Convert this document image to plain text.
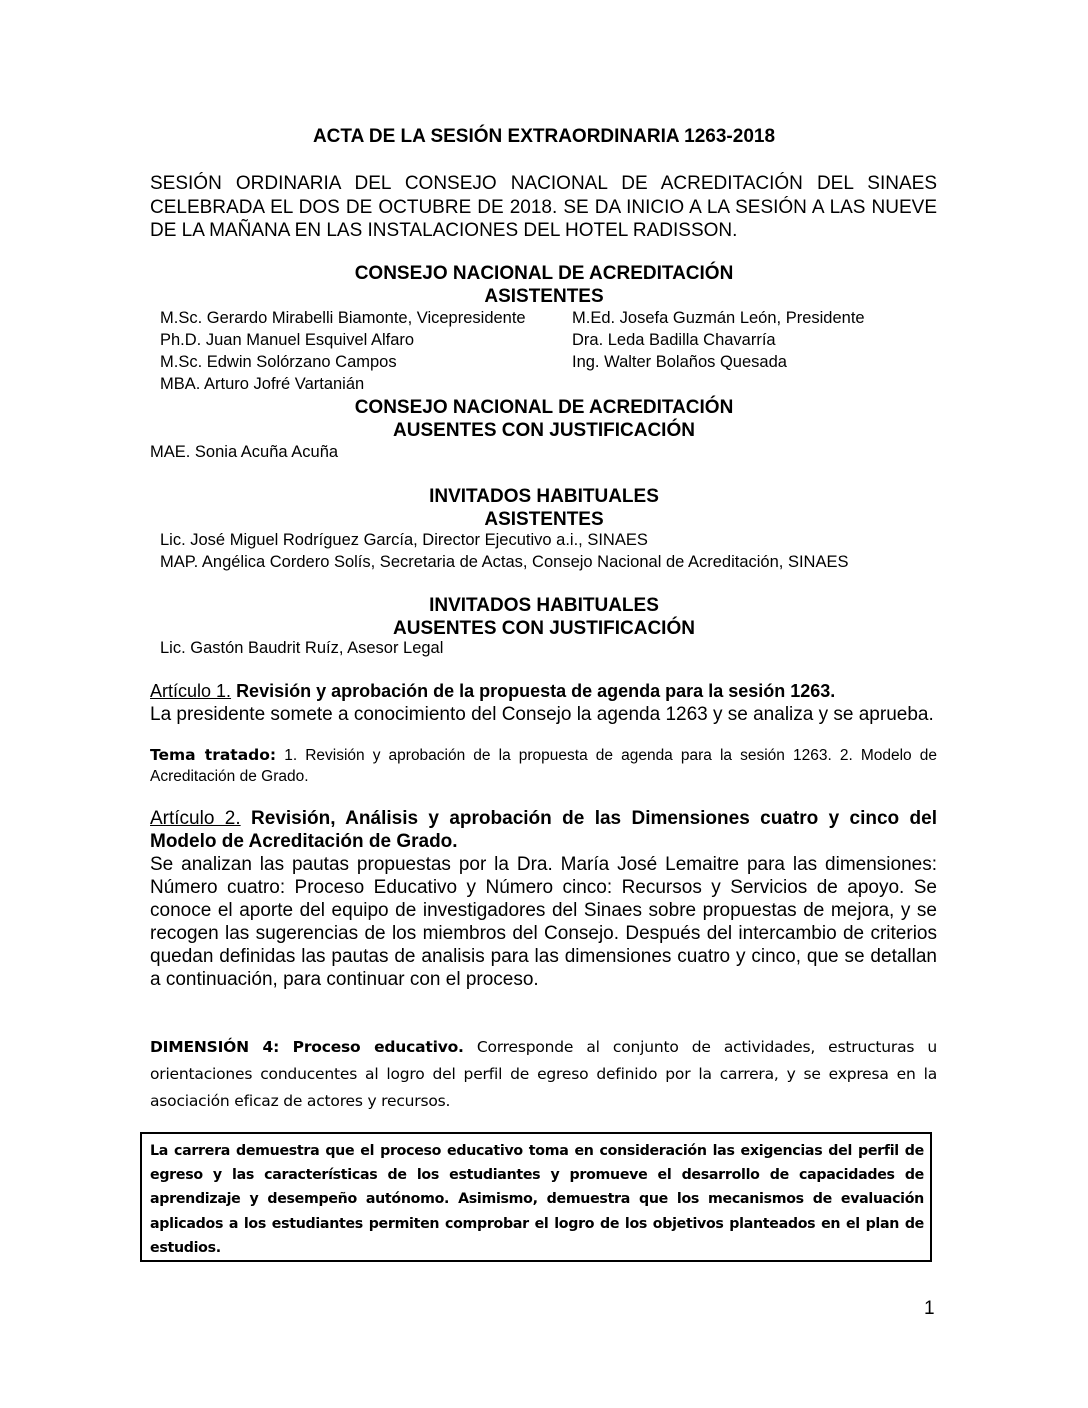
ACTA DE LA SESIÓN EXTRAORDINARIA 1263-2018
SESIÓN ORDINARIA DEL CONSEJO NACIONAL DE ACREDITACIÓN DEL SINAES CELEBRADA EL DOS DE OCTUBRE DE 2018. SE DA INICIO A LA SESIÓN A LAS NUEVE DE LA MAÑANA EN LAS INSTALACIONES DEL HOTEL RADISSON.
CONSEJO NACIONAL DE ACREDITACIÓN
ASISTENTES
M.Sc. Gerardo Mirabelli Biamonte, Vicepresidente
Ph.D. Juan Manuel Esquivel Alfaro
M.Sc. Edwin Solórzano Campos
MBA. Arturo Jofré Vartanián
M.Ed. Josefa Guzmán León, Presidente
Dra. Leda Badilla Chavarría
Ing. Walter Bolaños Quesada
CONSEJO NACIONAL DE ACREDITACIÓN
AUSENTES CON JUSTIFICACIÓN
MAE. Sonia Acuña Acuña
INVITADOS HABITUALES
ASISTENTES
Lic. José Miguel Rodríguez García, Director Ejecutivo a.i., SINAES
MAP. Angélica Cordero Solís, Secretaria de Actas, Consejo Nacional de Acreditación, SINAES
INVITADOS HABITUALES
AUSENTES CON JUSTIFICACIÓN
Lic. Gastón Baudrit Ruíz, Asesor Legal
Artículo 1. Revisión y aprobación de la propuesta de agenda para la sesión 1263.
La presidente somete a conocimiento del Consejo la agenda 1263 y se analiza y se aprueba.
Tema tratado: 1. Revisión y aprobación de la propuesta de agenda para la sesión 1263. 2. Modelo de Acreditación de Grado.
Artículo 2. Revisión, Análisis y aprobación de las Dimensiones cuatro y cinco del Modelo de Acreditación de Grado.
Se analizan las pautas propuestas por la Dra. María José Lemaitre para las dimensiones: Número cuatro: Proceso Educativo y Número cinco: Recursos y Servicios de apoyo. Se conoce el aporte del equipo de investigadores del Sinaes sobre propuestas de mejora, y se recogen las sugerencias de los miembros del Consejo. Después del intercambio de criterios quedan definidas las pautas de analisis para las dimensiones cuatro y cinco, que se detallan a continuación, para continuar con el proceso.
DIMENSIÓN 4: Proceso educativo. Corresponde al conjunto de actividades, estructuras u orientaciones conducentes al logro del perfil de egreso definido por la carrera, y se expresa en la asociación eficaz de actores y recursos.
La carrera demuestra que el proceso educativo toma en consideración las exigencias del perfil de egreso y las características de los estudiantes y promueve el desarrollo de capacidades de aprendizaje y desempeño autónomo. Asimismo, demuestra que los mecanismos de evaluación aplicados a los estudiantes permiten comprobar el logro de los objetivos planteados en el plan de estudios.
1
